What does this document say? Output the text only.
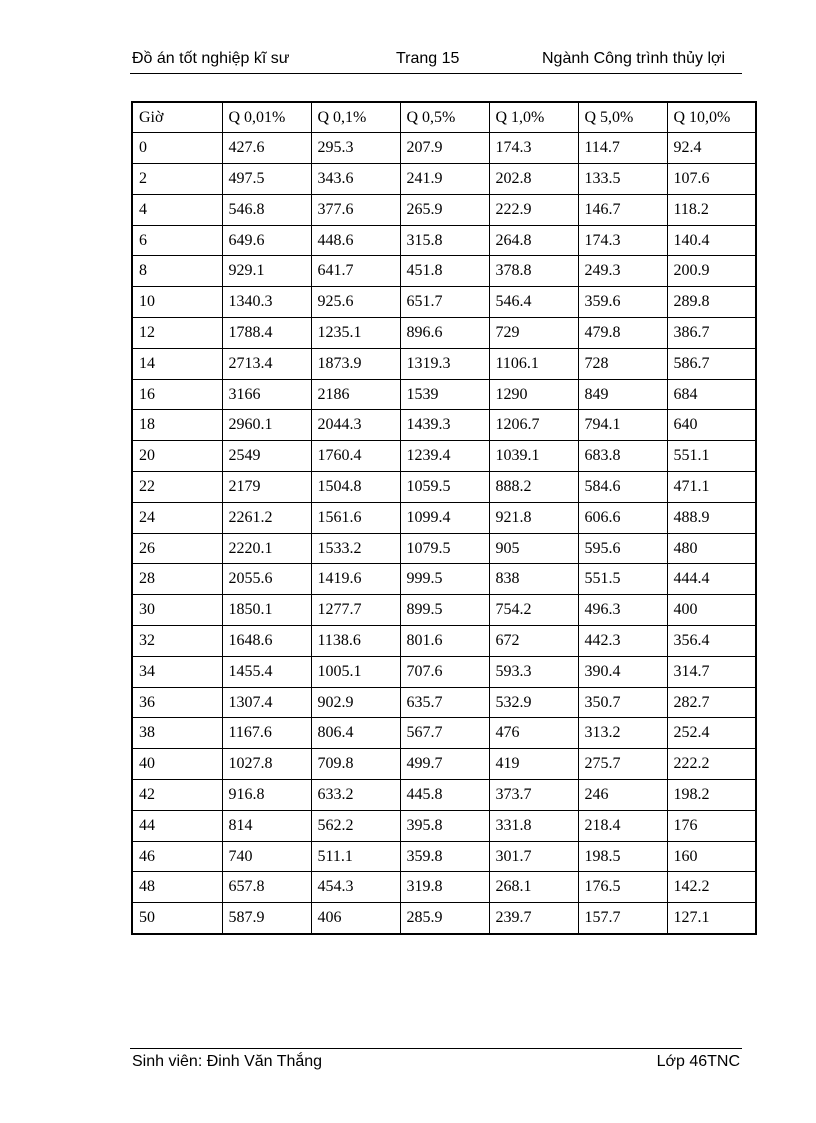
Đồ án tốt nghiệp kĩ sư	Trang 15	Ngành Công trình thủy lợi
Giờ	Q 0,01%	Q 0,1%	Q 0,5%	Q 1,0%	Q 5,0%	Q 10,0%
0	427.6	295.3	207.9	174.3	114.7	92.4
2	497.5	343.6	241.9	202.8	133.5	107.6
4	546.8	377.6	265.9	222.9	146.7	118.2
6	649.6	448.6	315.8	264.8	174.3	140.4
8	929.1	641.7	451.8	378.8	249.3	200.9
10	1340.3	925.6	651.7	546.4	359.6	289.8
12	1788.4	1235.1	896.6	729	479.8	386.7
14	2713.4	1873.9	1319.3	1106.1	728	586.7
16	3166	2186	1539	1290	849	684
18	2960.1	2044.3	1439.3	1206.7	794.1	640
20	2549	1760.4	1239.4	1039.1	683.8	551.1
22	2179	1504.8	1059.5	888.2	584.6	471.1
24	2261.2	1561.6	1099.4	921.8	606.6	488.9
26	2220.1	1533.2	1079.5	905	595.6	480
28	2055.6	1419.6	999.5	838	551.5	444.4
30	1850.1	1277.7	899.5	754.2	496.3	400
32	1648.6	1138.6	801.6	672	442.3	356.4
34	1455.4	1005.1	707.6	593.3	390.4	314.7
36	1307.4	902.9	635.7	532.9	350.7	282.7
38	1167.6	806.4	567.7	476	313.2	252.4
40	1027.8	709.8	499.7	419	275.7	222.2
42	916.8	633.2	445.8	373.7	246	198.2
44	814	562.2	395.8	331.8	218.4	176
46	740	511.1	359.8	301.7	198.5	160
48	657.8	454.3	319.8	268.1	176.5	142.2
50	587.9	406	285.9	239.7	157.7	127.1
Sinh viên: Đinh Văn Thắng	Lớp 46TNC
